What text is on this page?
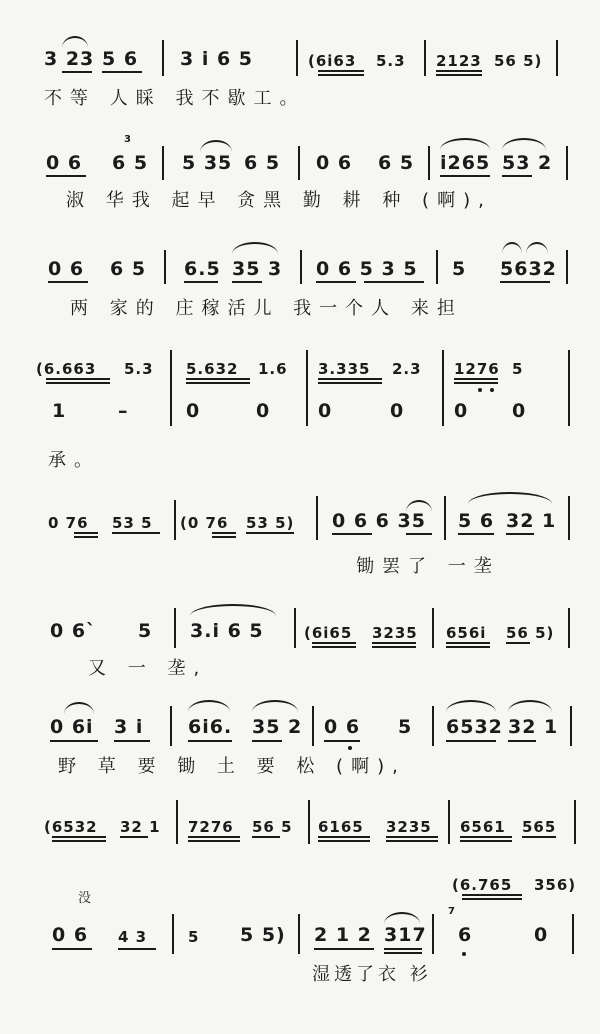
3 23 5 6 3 i 6 5	(6i63 5.3 2123 56 5)
不等 人睬 我不歇工。
3
0 6 6 5 5 35 6 5 0 6 6 5 i265 53 2
淑 华我 起早 贪黑 勤 耕 种 (啊),
0 6 6 5 6.5 35 3 0 6 5 3 5 5 5632
两 家的 庄稼活儿 我一个人 来担
(6.663 5.3 5.632 1.6 3.335 2.3 1276 5
1	–	0	0	0	0	0 0
承。
0 76 53 5 (0 76 53 5) 0 6 6 35 5 6 32 1
锄罢了 一垄
0 6` 5 3.i 6 5	(6i65 3235 656i 56 5)
又 一 垄,
0 6i 3 i 6i6. 35 2 0 6 5 6532 32 1
野 草 要 锄 土 要 松 (啊),
(6532 32 1 7276 56 5 6165 3235 6561 565
(6.765 356)
没
0 6 4 3	5 5 5) 2 1 2 317
7
6	0
湿透了衣 衫
